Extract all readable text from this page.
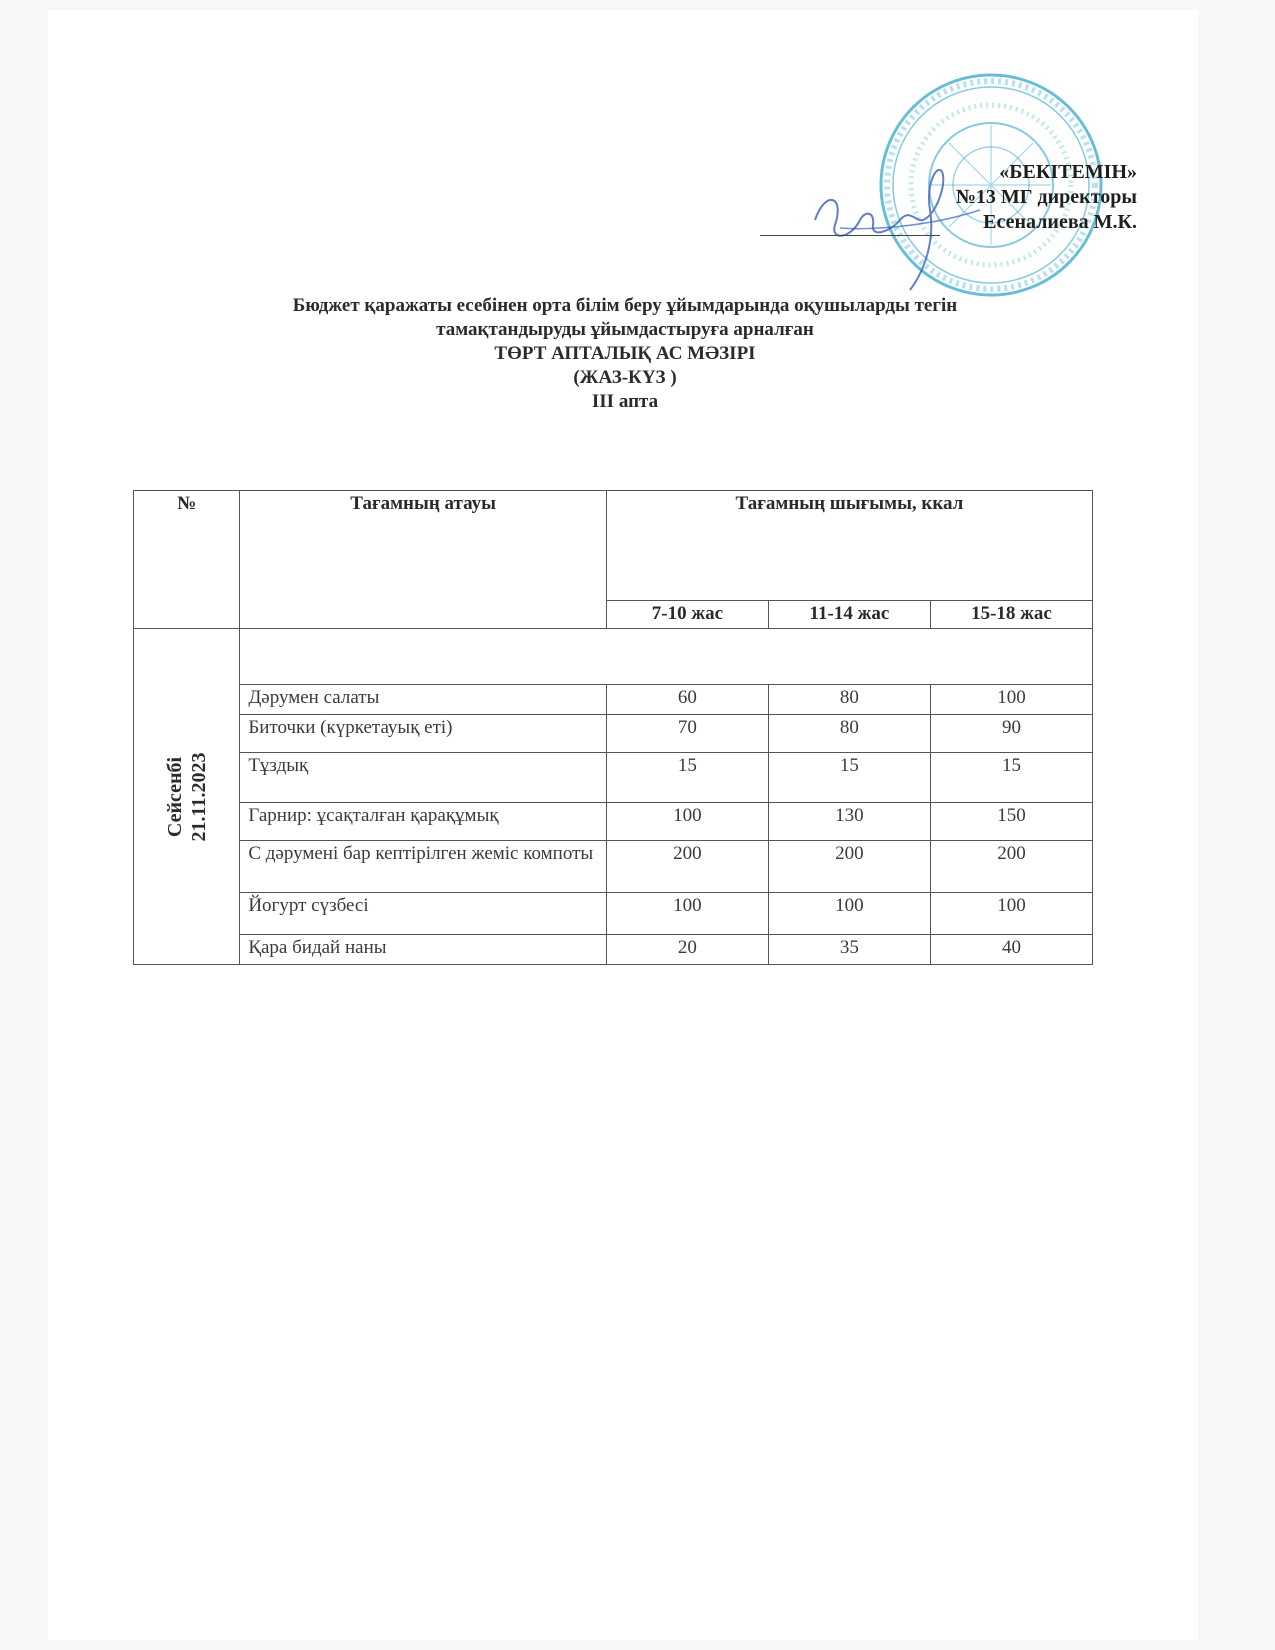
«БЕКІТЕМІН»
№13 МГ директоры
Есеналиева М.К.
Бюджет қаражаты есебінен орта білім беру ұйымдарында оқушыларды тегін
тамақтандыруды ұйымдастыруға арналған
ТӨРТ АПТАЛЫҚ АС МӘЗІРІ
(ЖАЗ-КҮЗ )
ІІІ апта
№	Тағамның атауы	Тағамның шығымы, ккал		
		7-10 жас	11-14 жас	15-18 жас

Сейсенбі 21.11.2023				

	Дәрумен салаты	60	80	100
	Биточки (күркетауық еті)	70	80	90
	Тұздық	15	15	15
	Гарнир: ұсақталған қарақұмық	100	130	150
	С дәрумені бар кептірілген жеміс компоты	200	200	200
	Йогурт сүзбесі	100	100	100
	Қара бидай наны	20	35	40
